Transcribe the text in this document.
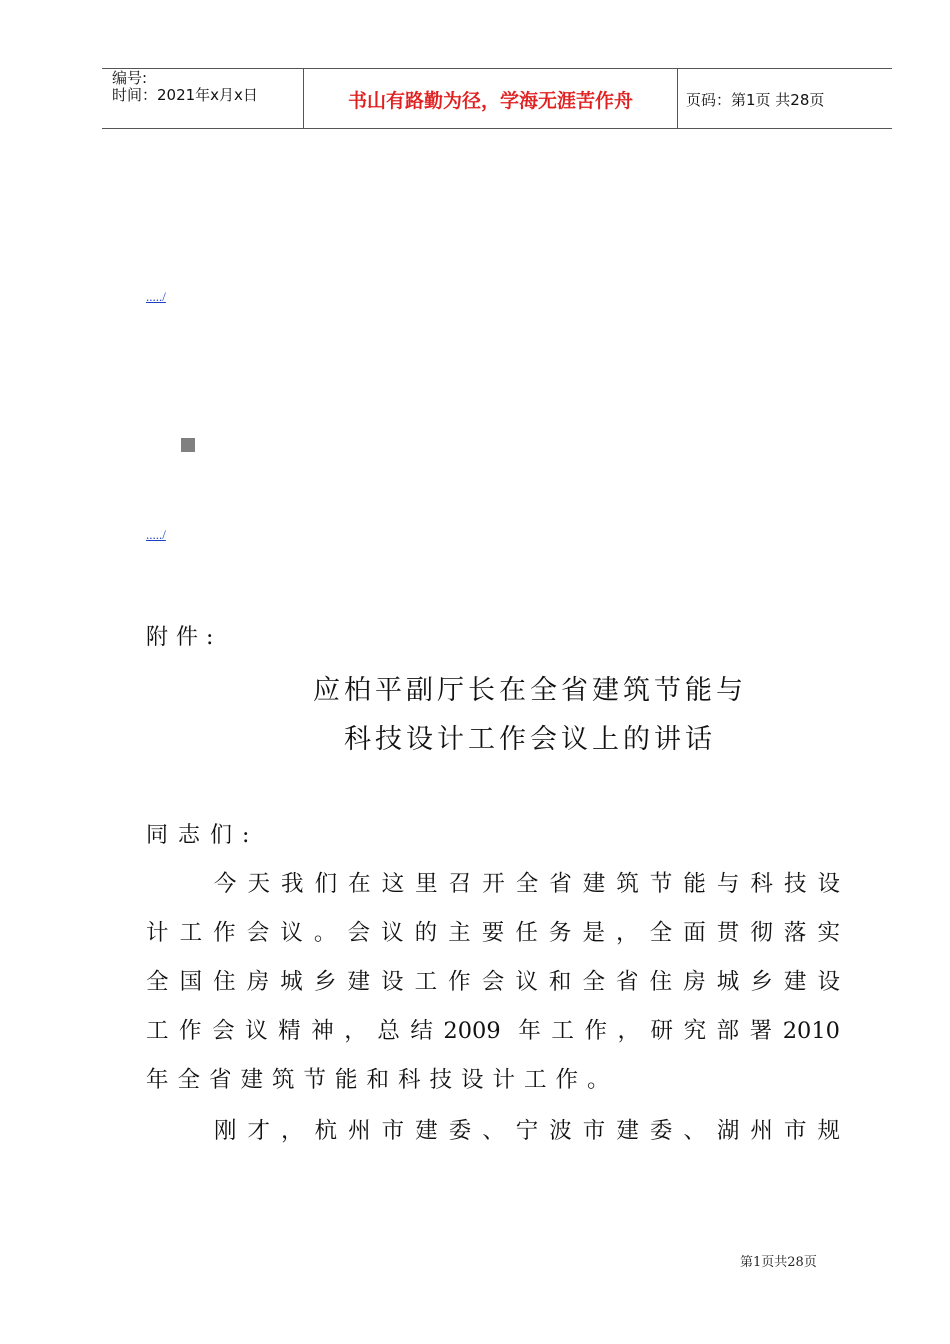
编号:
时间：2021年x月x日	书山有路勤为径，学海无涯苦作舟	页码：第1页 共28页
...../
...../
附件:
应柏平副厅长在全省建筑节能与
科技设计工作会议上的讲话
同志们:
今天我们在这里召开全省建筑节能与科技设
计工作会议。会议的主要任务是，全面贯彻落实
全国住房城乡建设工作会议和全省住房城乡建设
工作会议精神，总结2009 年工作，研究部署2010
年全省建筑节能和科技设计工作。
刚才，杭州市建委、宁波市建委、湖州市规
第1页共28页
